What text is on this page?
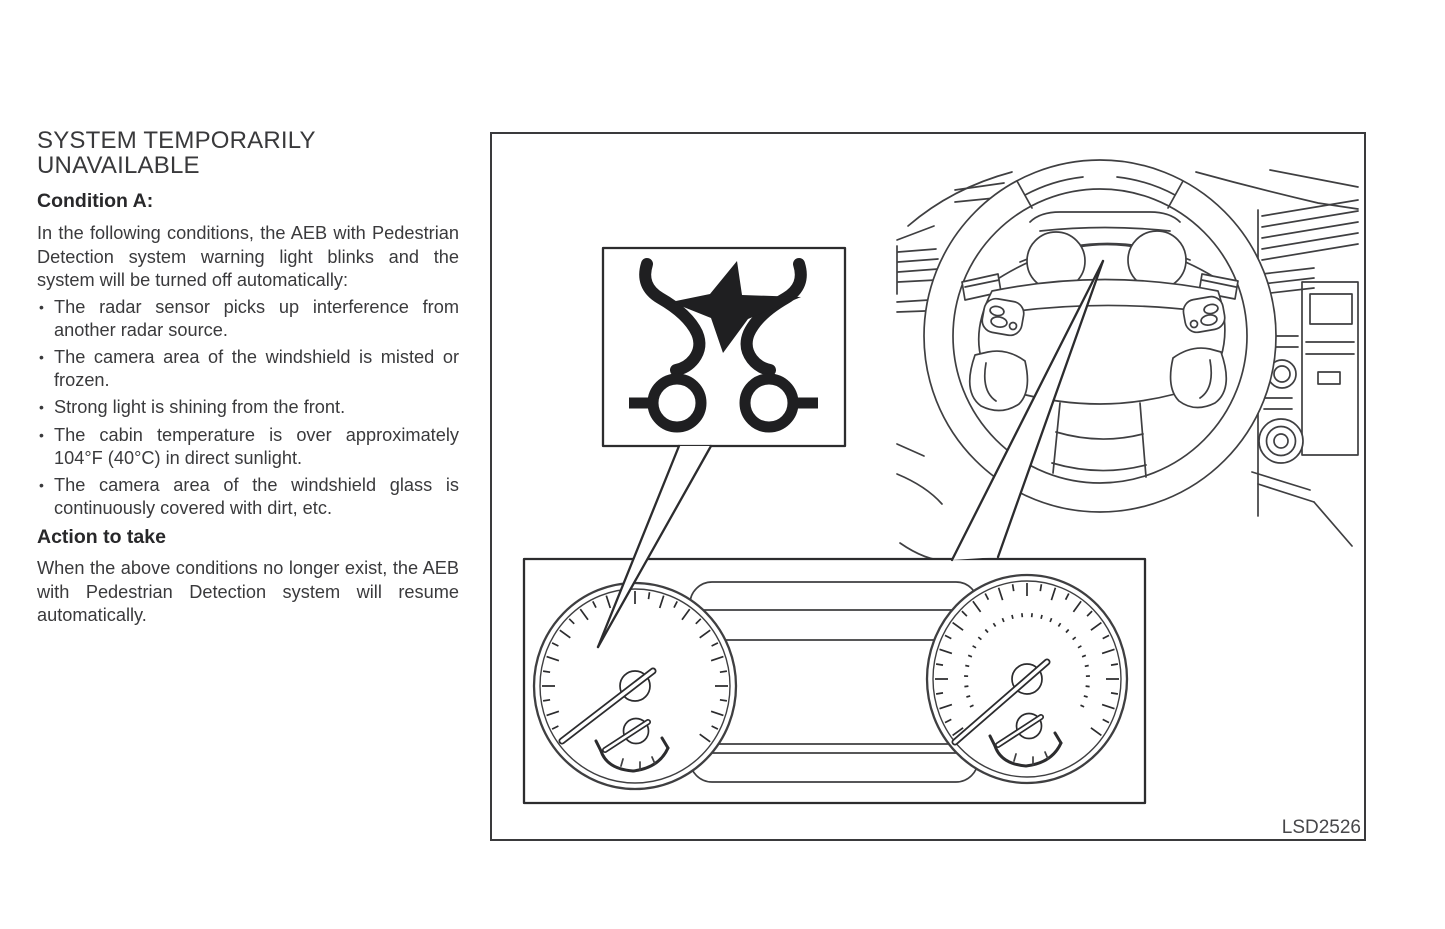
SYSTEM TEMPORARILY
UNAVAILABLE
Condition A:

In the following conditions, the AEB with Pedestrian Detection system warning light blinks and the system will be turned off automatically:

• The radar sensor picks up interference from another radar source.
• The camera area of the windshield is misted or frozen.
• Strong light is shining from the front.
• The cabin temperature is over approximately 104°F (40°C) in direct sunlight.
• The camera area of the windshield glass is continuously covered with dirt, etc.
Action to take

When the above conditions no longer exist, the AEB with Pedestrian Detection system will resume automatically.

LSD2526
